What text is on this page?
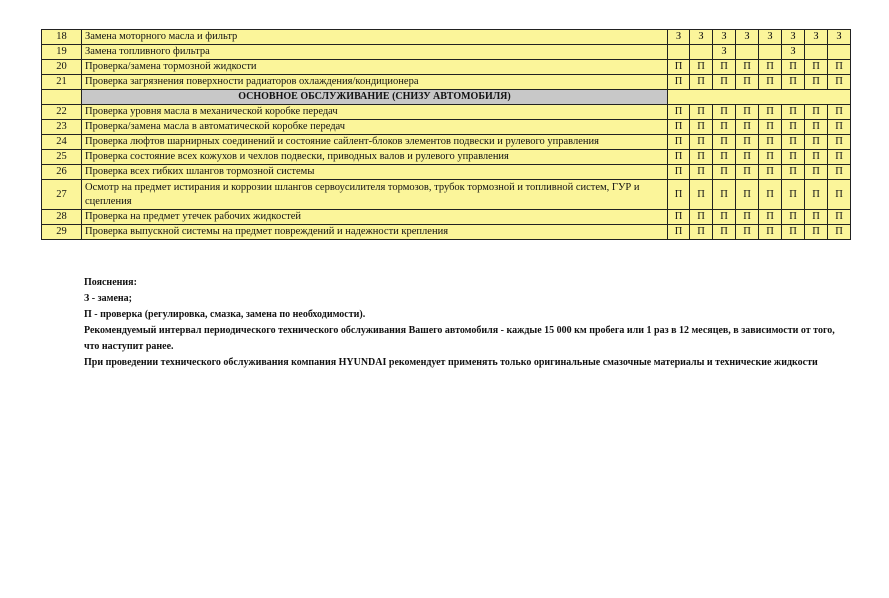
18	Замена моторного масла и фильтр	З	З	З	З	З	З	З	З
19	Замена топливного фильтра			З			З		
20	Проверка/замена тормозной жидкости	П	П	П	П	П	П	П	П
21	Проверка загрязнения поверхности радиаторов охлаждения/кондиционера	П	П	П	П	П	П	П	П
	ОСНОВНОЕ ОБСЛУЖИВАНИЕ (СНИЗУ АВТОМОБИЛЯ)								
22	Проверка уровня масла в механической коробке передач	П	П	П	П	П	П	П	П
23	Проверка/замена масла в автоматической коробке передач	П	П	П	П	П	П	П	П
24	Проверка люфтов шарнирных соединений и состояние сайлент-блоков элементов подвески и рулевого управления	П	П	П	П	П	П	П	П
25	Проверка состояние всех кожухов и чехлов подвески, приводных валов и рулевого управления	П	П	П	П	П	П	П	П
26	Проверка всех гибких шлангов тормозной системы	П	П	П	П	П	П	П	П
27	Осмотр на предмет истирания и коррозии шлангов сервоусилителя тормозов, трубок тормозной и топливной систем, ГУР и сцепления	П	П	П	П	П	П	П	П
28	Проверка на предмет утечек рабочих жидкостей	П	П	П	П	П	П	П	П
29	Проверка выпускной системы на предмет повреждений и надежности крепления	П	П	П	П	П	П	П	П
Пояснения:
З - замена;
П - проверка (регулировка, смазка, замена по необходимости).
Рекомендуемый интервал периодического технического обслуживания Вашего автомобиля - каждые 15 000 км пробега или 1 раз в 12 месяцев, в зависимости от того, что наступит ранее.
При проведении технического обслуживания компания HYUNDAI рекомендует применять только оригинальные смазочные материалы и технические жидкости
